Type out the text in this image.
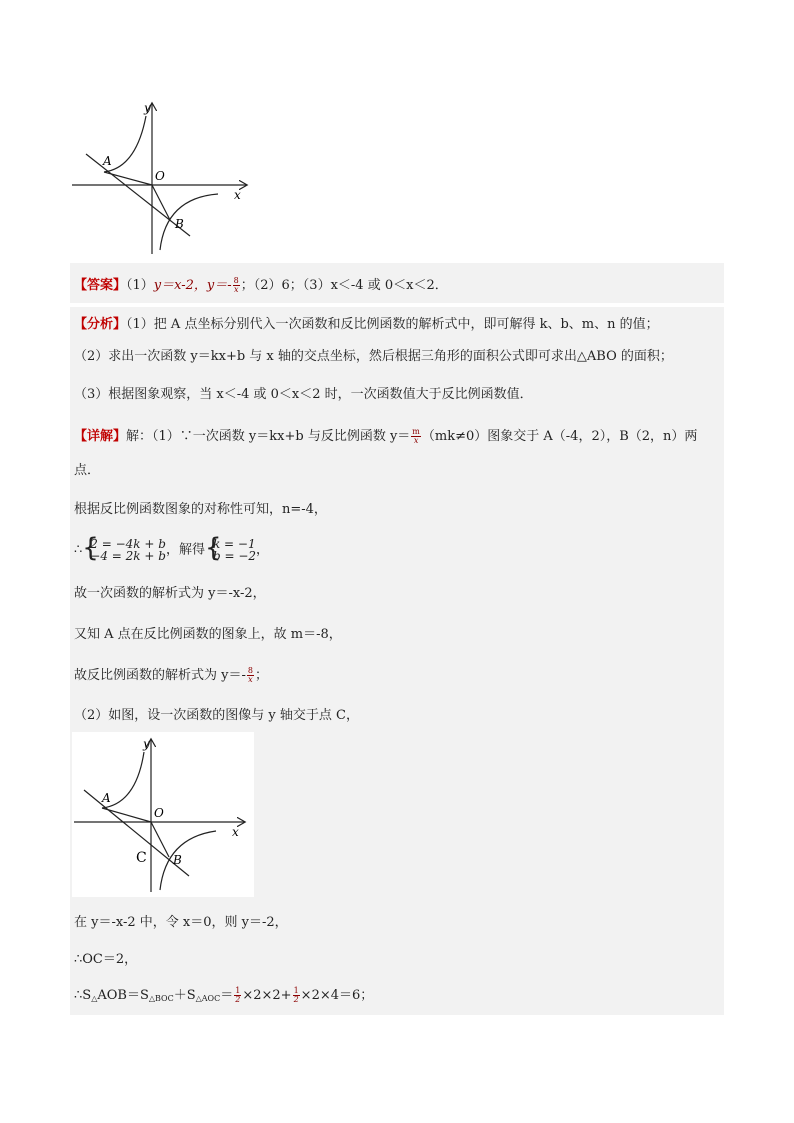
y
x
O
A
B
【答案】（1）y＝x-2，$y=- \frac{8}{x}$ ；（2）6；（3）x＜-4 或 0＜x＜2．
【分析】（1）把 A 点坐标分别代入一次函数和反比例函数的解析式中，即可解得 k、b、m、n 的值；
（2）求出一次函数 y＝kx+b 与 x 轴的交点坐标，然后根据三角形的面积公式即可求出△ABO 的面积；
（3）根据图象观察，当 x＜-4 或 0＜x＜2 时，一次函数值大于反比例函数值．
【详解】解：（1）∵一次函数 y＝kx+b 与反比例函数 $y= \frac{m}{x} (mk\ne 0)$图象交于 A（-4，2），B（2，n）两
点．
根据反比例函数图象的对称性可知，n=-4，
∴ { 2 = −4k + b
−4 = 2k + b ，解得 { k = −1
b = −2 ，
故一次函数的解析式为 y＝-x-2，
又知 A 点在反比例函数的图象上，故 m＝-8，
故反比例函数的解析式为 $y=- \frac{8}{x}$ ；
（2）如图，设一次函数的图像与 y 轴交于点 C，
y
x
O
A
B
C
在 y＝-x-2 中，令 x＝0，则 y＝-2，
∴OC＝2，
$\therefore S_\triangle AOB=S_{\triangle BOC}+S_{\triangle AOC}= \frac{1}{2} \times 2\times 2+ \frac{1}{2} \times 2\times 4=6$；
